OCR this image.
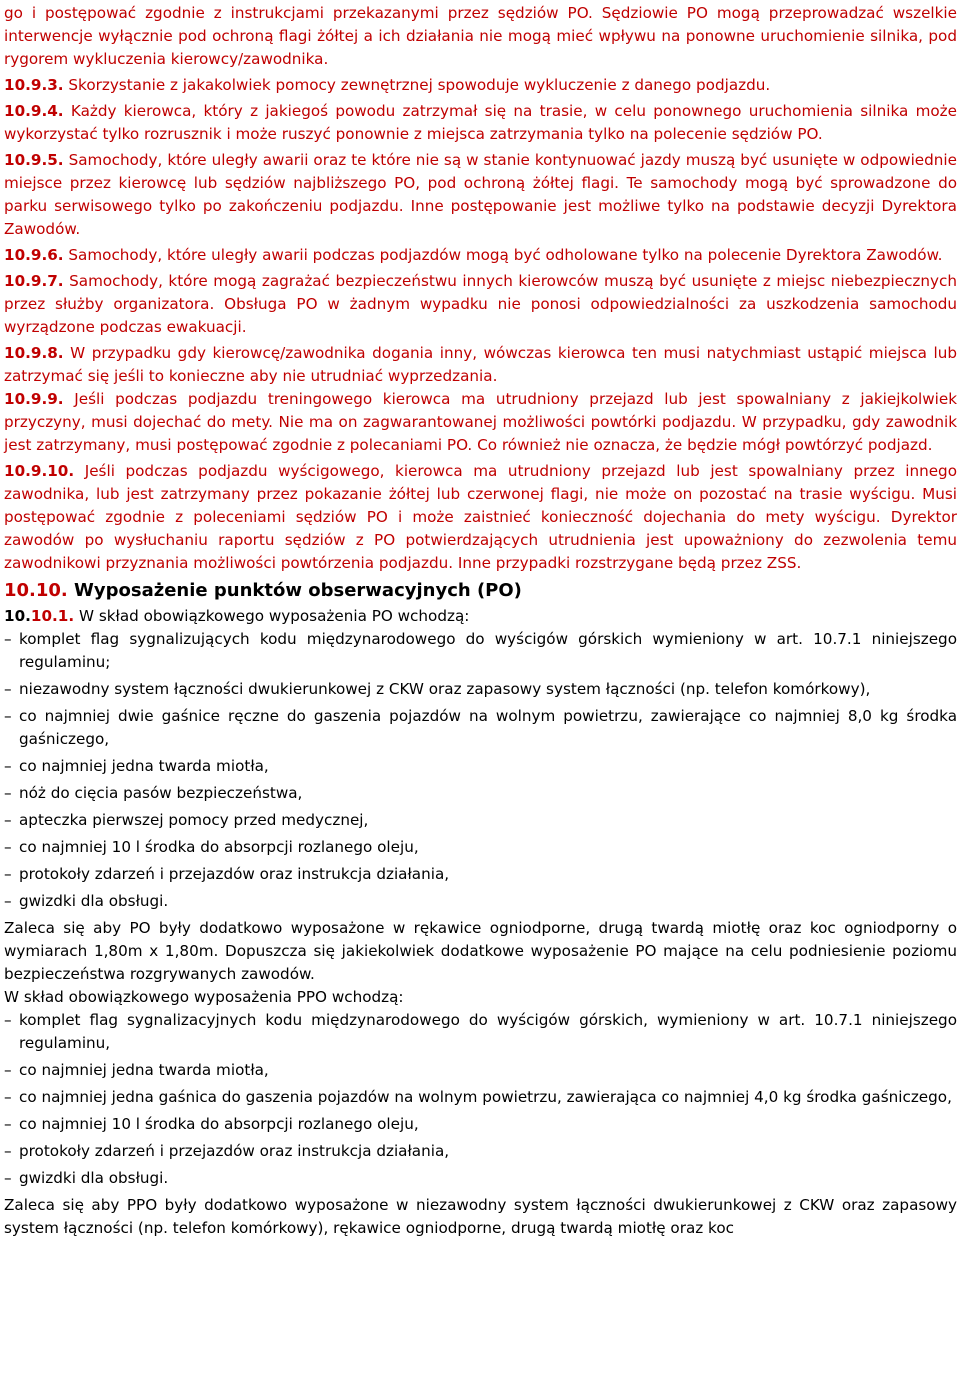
go i postępować zgodnie z instrukcjami przekazanymi przez sędziów PO. Sędziowie PO mogą przeprowadzać wszelkie interwencje wyłącznie pod ochroną flagi żółtej a ich działania nie mogą mieć wpływu na ponowne uruchomienie silnika, pod rygorem wykluczenia kierowcy/zawodnika.

10.9.3. Skorzystanie z jakakolwiek pomocy zewnętrznej spowoduje wykluczenie z danego podjazdu.

10.9.4. Każdy kierowca, który z jakiegoś powodu zatrzymał się na trasie, w celu ponownego uruchomienia silnika może wykorzystać tylko rozrusznik i może ruszyć ponownie z miejsca zatrzymania tylko na polecenie sędziów PO.

10.9.5. Samochody, które uległy awarii oraz te które nie są w stanie kontynuować jazdy muszą być usunięte w odpowiednie miejsce przez kierowcę lub sędziów najbliższego PO, pod ochroną żółtej flagi. Te samochody mogą być sprowadzone do parku serwisowego tylko po zakończeniu podjazdu. Inne postępowanie jest możliwe tylko na podstawie decyzji Dyrektora Zawodów.

10.9.6. Samochody, które uległy awarii podczas podjazdów mogą być odholowane tylko na polecenie Dyrektora Zawodów.

10.9.7. Samochody, które mogą zagrażać bezpieczeństwu innych kierowców muszą być usunięte z miejsc niebezpiecznych przez służby organizatora. Obsługa PO w żadnym wypadku nie ponosi odpowiedzialności za uszkodzenia samochodu wyrządzone podczas ewakuacji.

10.9.8. W przypadku gdy kierowcę/zawodnika dogania inny, wówczas kierowca ten musi natychmiast ustąpić miejsca lub zatrzymać się jeśli to konieczne aby nie utrudniać wyprzedzania.

10.9.9. Jeśli podczas podjazdu treningowego kierowca ma utrudniony przejazd lub jest spowalniany z jakiejkolwiek przyczyny, musi dojechać do mety. Nie ma on zagwarantowanej możliwości powtórki podjazdu. W przypadku, gdy zawodnik jest zatrzymany, musi postępować zgodnie z polecaniami PO. Co również nie oznacza, że będzie mógł powtórzyć podjazd.

10.9.10. Jeśli podczas podjazdu wyścigowego, kierowca ma utrudniony przejazd lub jest spowalniany przez innego zawodnika, lub jest zatrzymany przez pokazanie żółtej lub czerwonej flagi, nie może on pozostać na trasie wyścigu. Musi postępować zgodnie z poleceniami sędziów PO i może zaistnieć konieczność dojechania do mety wyścigu. Dyrektor zawodów po wysłuchaniu raportu sędziów z PO potwierdzających utrudnienia jest upoważniony do zezwolenia temu zawodnikowi przyznania możliwości powtórzenia podjazdu. Inne przypadki rozstrzygane będą przez ZSS.

10.10. Wyposażenie punktów obserwacyjnych (PO)

10.10.1. W skład obowiązkowego wyposażenia PO wchodzą:

– komplet flag sygnalizujących kodu międzynarodowego do wyścigów górskich wymieniony w art. 10.7.1 niniejszego regulaminu;
– niezawodny system łączności dwukierunkowej z CKW oraz zapasowy system łączności (np. telefon komórkowy),
– co najmniej dwie gaśnice ręczne do gaszenia pojazdów na wolnym powietrzu, zawierające co najmniej 8,0 kg środka gaśniczego,
– co najmniej jedna twarda miotła,
– nóż do cięcia pasów bezpieczeństwa,
– apteczka pierwszej pomocy przed medycznej,
– co najmniej 10 l środka do absorpcji rozlanego oleju,
– protokoły zdarzeń i przejazdów oraz instrukcja działania,
– gwizdki dla obsługi.

Zaleca się aby PO były dodatkowo wyposażone w rękawice ogniodporne, drugą twardą miotłę oraz koc ogniodporny o wymiarach 1,80m x 1,80m. Dopuszcza się jakiekolwiek dodatkowe wyposażenie PO mające na celu podniesienie poziomu bezpieczeństwa rozgrywanych zawodów.

W skład obowiązkowego wyposażenia PPO wchodzą:

– komplet flag sygnalizacyjnych kodu międzynarodowego do wyścigów górskich, wymieniony w art. 10.7.1 niniejszego regulaminu,
– co najmniej jedna twarda miotła,
– co najmniej jedna gaśnica do gaszenia pojazdów na wolnym powietrzu, zawierająca co najmniej 4,0 kg środka gaśniczego,
– co najmniej 10 l środka do absorpcji rozlanego oleju,
– protokoły zdarzeń i przejazdów oraz instrukcja działania,
– gwizdki dla obsługi.

Zaleca się aby PPO były dodatkowo wyposażone w niezawodny system łączności dwukierunkowej z CKW oraz zapasowy system łączności (np. telefon komórkowy), rękawice ogniodporne, drugą twardą miotłę oraz koc
